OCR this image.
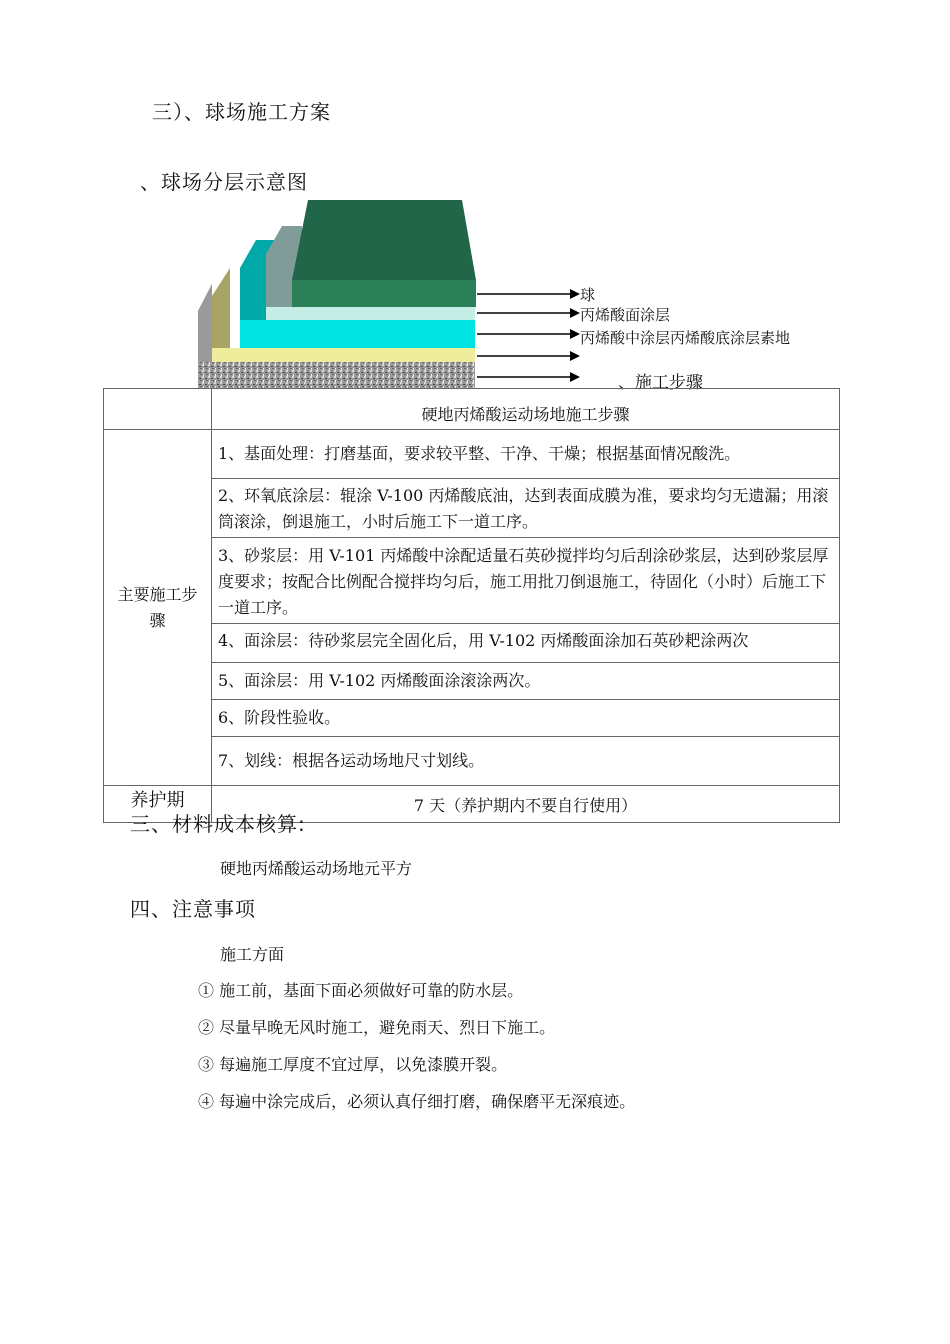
三）、球场施工方案
、球场分层示意图
球
丙烯酸面涂层
丙烯酸中涂层丙烯酸底涂层素地
、施工步骤
	硬地丙烯酸运动场地施工步骤
主要施工步骤	1、基面处理：打磨基面，要求较平整、干净、干燥；根据基面情况酸洗。
	2、环氧底涂层：辊涂 V-100 丙烯酸底油，达到表面成膜为准，要求均匀无遗漏；用滚筒滚涂，倒退施工，小时后施工下一道工序。
	3、砂浆层：用 V-101 丙烯酸中涂配适量石英砂搅拌均匀后刮涂砂浆层，达到砂浆层厚度要求；按配合比例配合搅拌均匀后，施工用批刀倒退施工，待固化（小时）后施工下一道工序。
	4、面涂层：待砂浆层完全固化后，用 V-102 丙烯酸面涂加石英砂耙涂两次
	5、面涂层：用 V-102 丙烯酸面涂滚涂两次。
	6、阶段性验收。
	7、划线：根据各运动场地尺寸划线。
养护期	7 天（养护期内不要自行使用）
三、材料成本核算:
硬地丙烯酸运动场地元平方
四、注意事项
施工方面
① 施工前，基面下面必须做好可靠的防水层。
② 尽量早晚无风时施工，避免雨天、烈日下施工。
③ 每遍施工厚度不宜过厚，以免漆膜开裂。
④ 每遍中涂完成后，必须认真仔细打磨，确保磨平无深痕迹。
